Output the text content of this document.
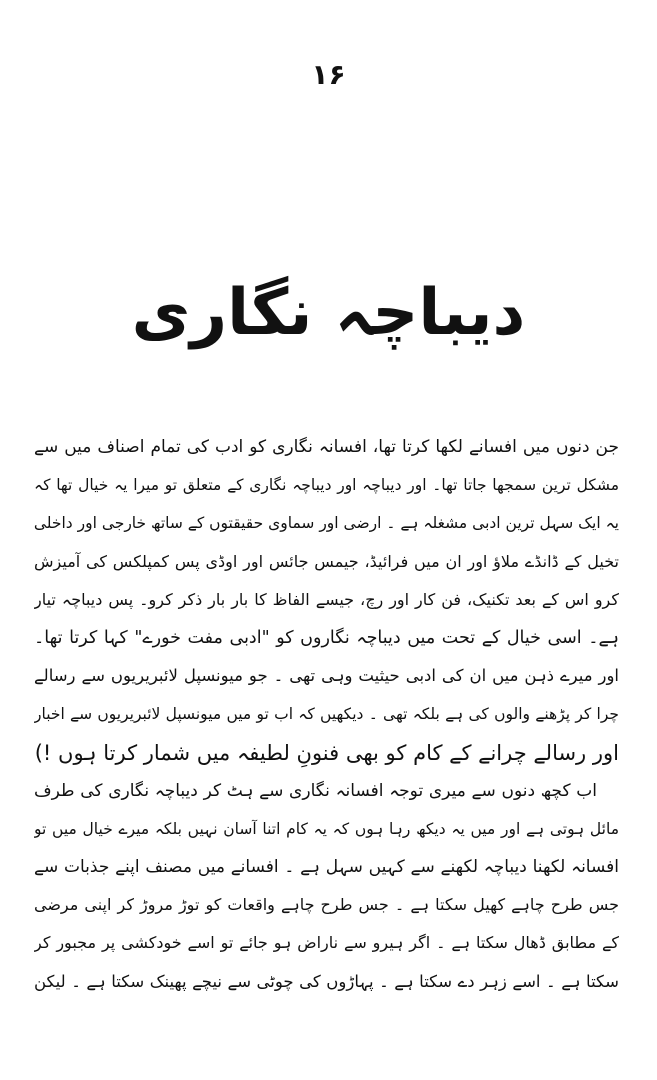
۱۶
دیباچہ نگاری
جن دنوں میں افسانے لکھا کرتا تھا، افسانہ نگاری کو ادب کی تمام اصناف میں سے
مشکل ترین سمجھا جاتا تھا۔ اور دیباچہ اور دیباچہ نگاری کے متعلق تو میرا یہ خیال تھا کہ
یہ ایک سہل ترین ادبی مشغلہ ہے ۔ ارضی اور سماوی حقیقتوں کے ساتھ خارجی اور داخلی
تخیل کے ڈانڈے ملاؤ اور ان میں فرائیڈ، جیمس جائس اور اوڈی پس کمپلکس کی آمیزش
کرو اس کے بعد تکنیک، فن کار اور رچ، جیسے الفاظ کا بار بار ذکر کرو۔ پس دیباچہ تیار
ہے۔ اسی خیال کے تحت میں دیباچہ نگاروں کو "ادبی مفت خورے" کہا کرتا تھا۔
اور میرے ذہن میں ان کی ادبی حیثیت وہی تھی ۔ جو میونسپل لائبریریوں سے رسالے
چرا کر پڑھنے والوں کی ہے بلکہ تھی ۔ دیکھیں کہ اب تو میں میونسپل لائبریریوں سے اخبار
اور رسالے چرانے کے کام کو بھی فنونِ لطیفہ میں شمار کرتا ہوں !)
اب کچھ دنوں سے میری توجہ افسانہ نگاری سے ہٹ کر دیباچہ نگاری کی طرف
مائل ہوتی ہے اور میں یہ دیکھ رہا ہوں کہ یہ کام اتنا آسان نہیں بلکہ میرے خیال میں تو
افسانہ لکھنا دیباچہ لکھنے سے کہیں سہل ہے ۔ افسانے میں مصنف اپنے جذبات سے
جس طرح چاہے کھیل سکتا ہے ۔ جس طرح چاہے واقعات کو توڑ مروڑ کر اپنی مرضی
کے مطابق ڈھال سکتا ہے ۔ اگر ہیرو سے ناراض ہو جائے تو اسے خودکشی پر مجبور کر
سکتا ہے ۔ اسے زہر دے سکتا ہے ۔ پہاڑوں کی چوٹی سے نیچے پھینک سکتا ہے ۔ لیکن
